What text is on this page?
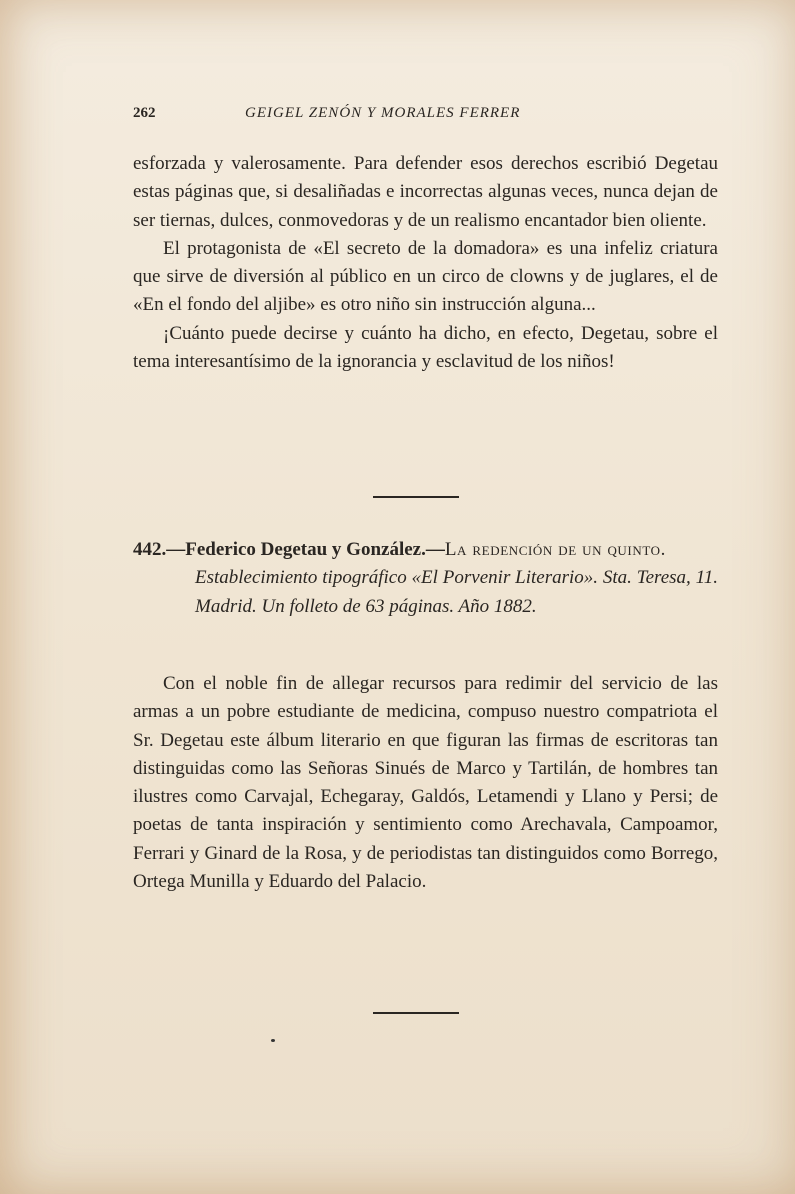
262	GEIGEL ZENÓN Y MORALES FERRER

esforzada y valerosamente. Para defender esos derechos escribió Degetau estas páginas que, si desaliñadas e incorrectas algunas veces, nunca dejan de ser tiernas, dulces, conmovedoras y de un realismo encantador bien oliente.

El protagonista de «El secreto de la domadora» es una infeliz criatura que sirve de diversión al público en un circo de clowns y de juglares, el de «En el fondo del aljibe» es otro niño sin instrucción alguna...

¡Cuánto puede decirse y cuánto ha dicho, en efecto, Degetau, sobre el tema interesantísimo de la ignorancia y esclavitud de los niños!

442.—Federico Degetau y González.—La redención de un quinto.
Establecimiento tipográfico «El Porvenir Literario». Sta. Teresa, 11. Madrid. Un folleto de 63 páginas. Año 1882.

Con el noble fin de allegar recursos para redimir del servicio de las armas a un pobre estudiante de medicina, compuso nuestro compatriota el Sr. Degetau este álbum literario en que figuran las firmas de escritoras tan distinguidas como las Señoras Sinués de Marco y Tartilán, de hombres tan ilustres como Carvajal, Echegaray, Galdós, Letamendi y Llano y Persi; de poetas de tanta inspiración y sentimiento como Arechavala, Campoamor, Ferrari y Ginard de la Rosa, y de periodistas tan distinguidos como Borrego, Ortega Munilla y Eduardo del Palacio.
